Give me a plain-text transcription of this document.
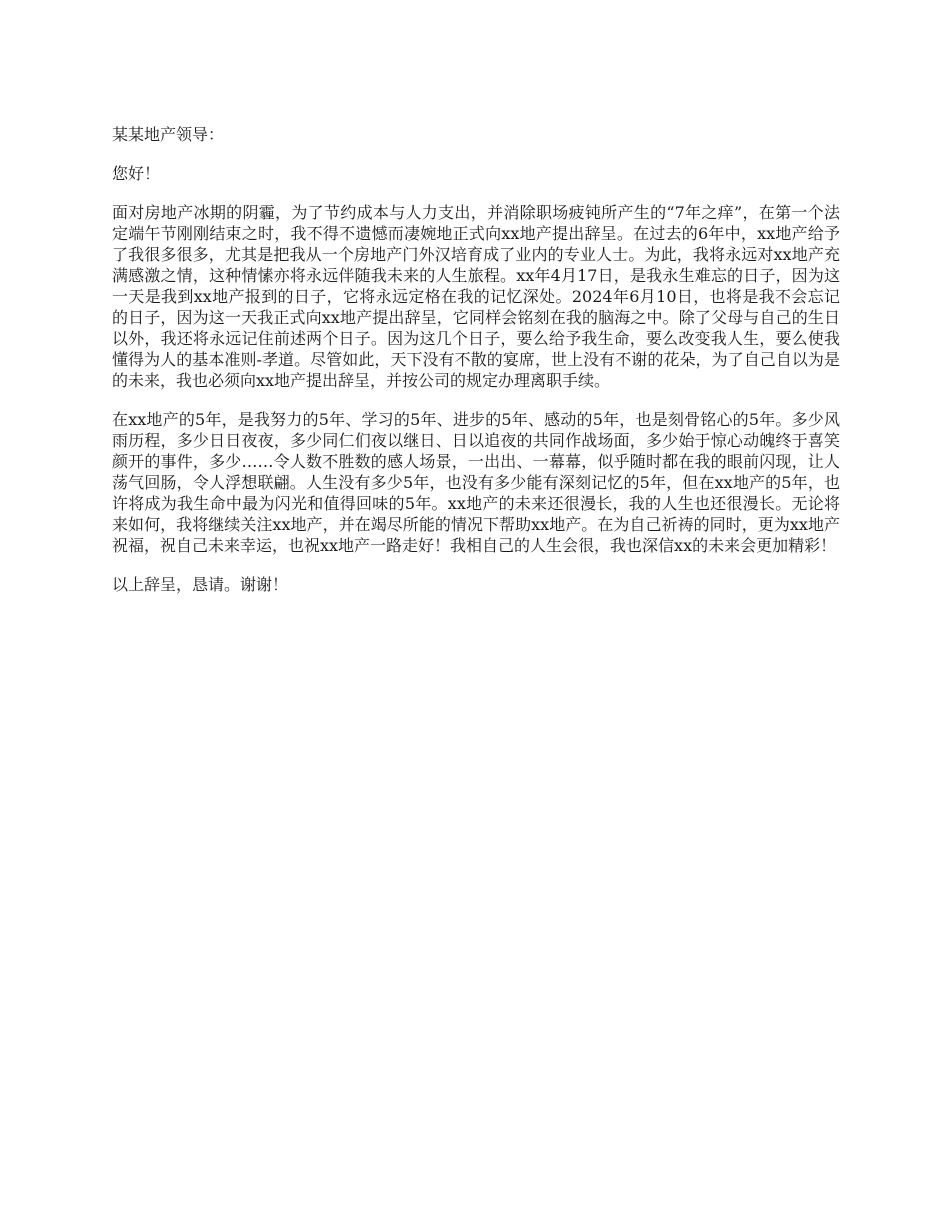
某某地产领导：

您好！

面对房地产冰期的阴霾，为了节约成本与人力支出，并消除职场疲钝所产生的“7年之痒”，在第一个法定端午节刚刚结束之时，我不得不遗憾而凄婉地正式向xx地产提出辞呈。在过去的6年中，xx地产给予了我很多很多，尤其是把我从一个房地产门外汉培育成了业内的专业人士。为此，我将永远对xx地产充满感激之情，这种情愫亦将永远伴随我未来的人生旅程。xx年4月17日，是我永生难忘的日子，因为这一天是我到xx地产报到的日子，它将永远定格在我的记忆深处。2024年6月10日，也将是我不会忘记的日子，因为这一天我正式向xx地产提出辞呈，它同样会铭刻在我的脑海之中。除了父母与自己的生日以外，我还将永远记住前述两个日子。因为这几个日子，要么给予我生命，要么改变我人生，要么使我懂得为人的基本准则-孝道。尽管如此，天下没有不散的宴席，世上没有不谢的花朵，为了自己自以为是的未来，我也必须向xx地产提出辞呈，并按公司的规定办理离职手续。

在xx地产的5年，是我努力的5年、学习的5年、进步的5年、感动的5年，也是刻骨铭心的5年。多少风雨历程，多少日日夜夜，多少同仁们夜以继日、日以追夜的共同作战场面，多少始于惊心动魄终于喜笑颜开的事件，多少……令人数不胜数的感人场景，一出出、一幕幕，似乎随时都在我的眼前闪现，让人荡气回肠，令人浮想联翩。人生没有多少5年，也没有多少能有深刻记忆的5年，但在xx地产的5年，也许将成为我生命中最为闪光和值得回味的5年。xx地产的未来还很漫长，我的人生也还很漫长。无论将来如何，我将继续关注xx地产，并在竭尽所能的情况下帮助xx地产。在为自己祈祷的同时，更为xx地产祝福，祝自己未来幸运，也祝xx地产一路走好！我相自己的人生会很，我也深信xx的未来会更加精彩！

以上辞呈，恳请。谢谢！
